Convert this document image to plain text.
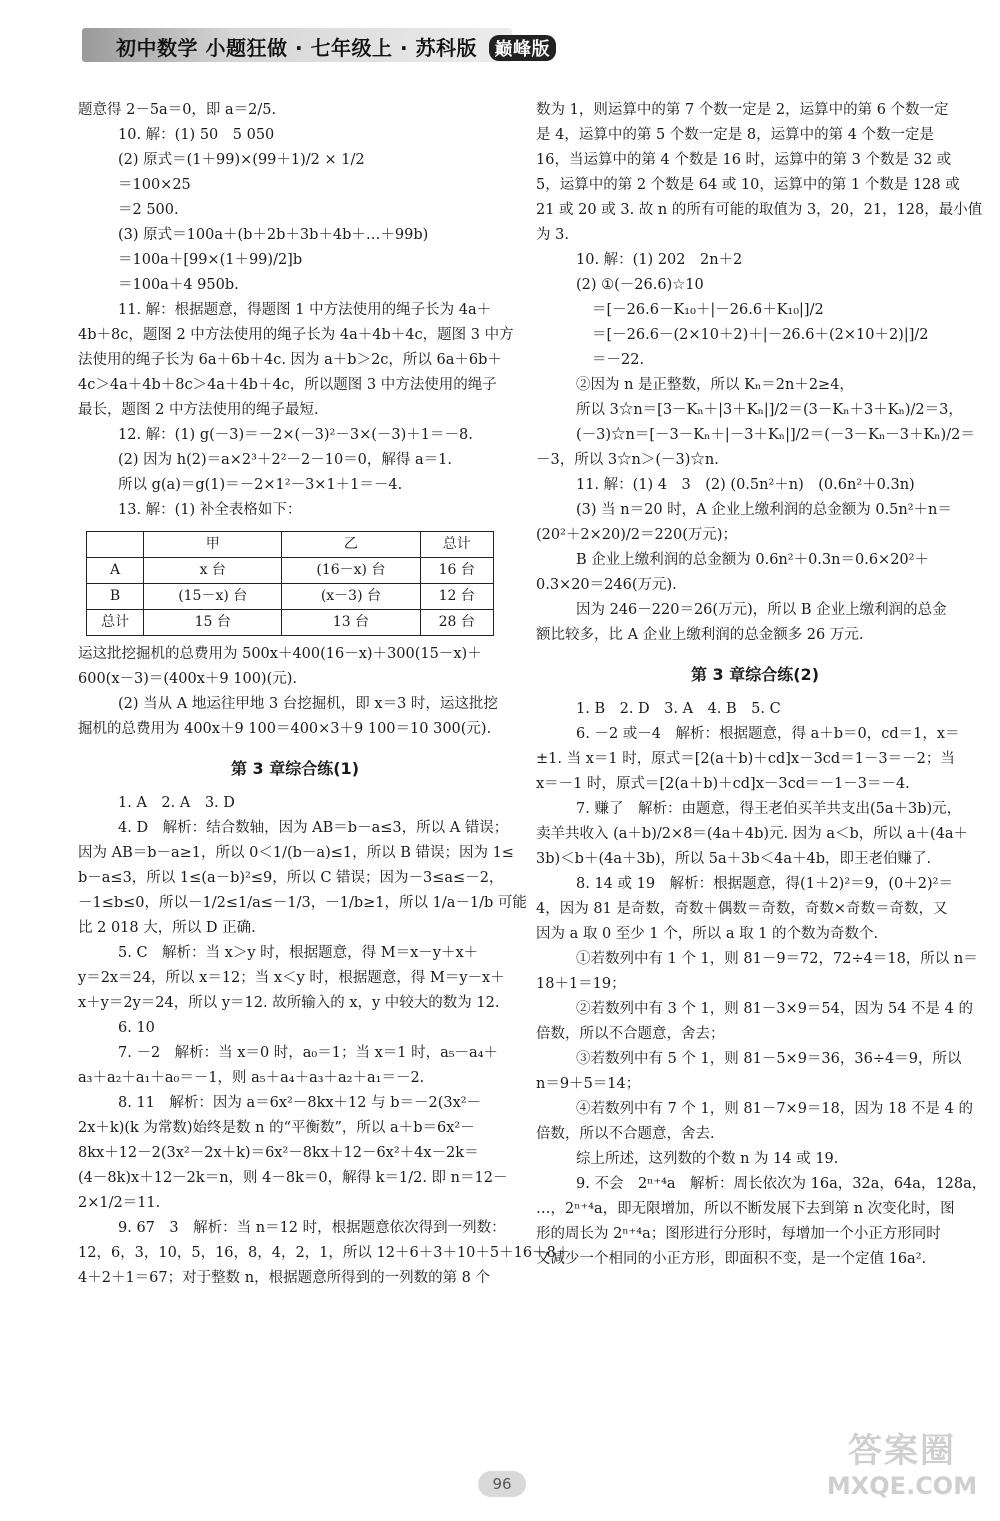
初中数学 小题狂做 · 七年级上 · 苏科版 巅峰版
题意得 2－5a＝0，即 a＝2/5.
10. 解：(1) 50　5 050
(2) 原式＝(1＋99)×(99＋1)/2 × 1/2
＝100×25
＝2 500.
(3) 原式＝100a＋(b＋2b＋3b＋4b＋…＋99b)
＝100a＋[99×(1＋99)/2]b
＝100a＋4 950b.
11. 解：根据题意，得题图 1 中方法使用的绳子长为 4a＋
4b＋8c，题图 2 中方法使用的绳子长为 4a＋4b＋4c，题图 3 中方
法使用的绳子长为 6a＋6b＋4c. 因为 a＋b＞2c，所以 6a＋6b＋
4c＞4a＋4b＋8c＞4a＋4b＋4c，所以题图 3 中方法使用的绳子
最长，题图 2 中方法使用的绳子最短.
12. 解：(1) g(－3)＝－2×(－3)²－3×(－3)＋1＝－8.
(2) 因为 h(2)＝a×2³＋2²－2－10＝0，解得 a＝1.
所以 g(a)＝g(1)＝－2×1²－3×1＋1＝－4.
13. 解：(1) 补全表格如下：
	甲	乙	总计
A	x 台	(16－x) 台	16 台
B	(15－x) 台	(x－3) 台	12 台
总计	15 台	13 台	28 台
运这批挖掘机的总费用为 500x＋400(16－x)＋300(15－x)＋
600(x－3)＝(400x＋9 100)(元).
(2) 当从 A 地运往甲地 3 台挖掘机，即 x＝3 时，运这批挖
掘机的总费用为 400x＋9 100＝400×3＋9 100＝10 300(元).
第 3 章综合练(1)
1. A　2. A　3. D
4. D　解析：结合数轴，因为 AB＝b－a≤3，所以 A 错误；
因为 AB＝b－a≥1，所以 0＜1/(b－a)≤1，所以 B 错误；因为 1≤
b－a≤3，所以 1≤(a－b)²≤9，所以 C 错误；因为－3≤a≤－2，
－1≤b≤0，所以－1/2≤1/a≤－1/3，－1/b≥1，所以 1/a－1/b 可能
比 2 018 大，所以 D 正确.
5. C　解析：当 x＞y 时，根据题意，得 M＝x－y＋x＋
y＝2x＝24，所以 x＝12；当 x＜y 时，根据题意，得 M＝y－x＋
x＋y＝2y＝24，所以 y＝12. 故所输入的 x，y 中较大的数为 12.
6. 10
7. －2　解析：当 x＝0 时，a₀＝1；当 x＝1 时，a₅－a₄＋
a₃＋a₂＋a₁＋a₀＝－1，则 a₅＋a₄＋a₃＋a₂＋a₁＝－2.
8. 11　解析：因为 a＝6x²－8kx＋12 与 b＝－2(3x²－
2x＋k)(k 为常数)始终是数 n 的“平衡数”，所以 a＋b＝6x²－
8kx＋12－2(3x²－2x＋k)＝6x²－8kx＋12－6x²＋4x－2k＝
(4－8k)x＋12－2k＝n，则 4－8k＝0，解得 k＝1/2. 即 n＝12－
2×1/2＝11.
9. 67　3　解析：当 n＝12 时，根据题意依次得到一列数：
12，6，3，10，5，16，8，4，2，1，所以 12＋6＋3＋10＋5＋16＋8＋
4＋2＋1＝67；对于整数 n，根据题意所得到的一列数的第 8 个
数为 1，则运算中的第 7 个数一定是 2，运算中的第 6 个数一定
是 4，运算中的第 5 个数一定是 8，运算中的第 4 个数一定是
16，当运算中的第 4 个数是 16 时，运算中的第 3 个数是 32 或
5，运算中的第 2 个数是 64 或 10，运算中的第 1 个数是 128 或
21 或 20 或 3. 故 n 的所有可能的取值为 3，20，21，128，最小值
为 3.
10. 解：(1) 202　2n＋2
(2) ①(－26.6)☆10
＝[－26.6－K₁₀＋|－26.6＋K₁₀|]/2
＝[－26.6－(2×10＋2)＋|－26.6＋(2×10＋2)|]/2
＝－22.
②因为 n 是正整数，所以 Kₙ＝2n＋2≥4，
所以 3☆n＝[3－Kₙ＋|3＋Kₙ|]/2＝(3－Kₙ＋3＋Kₙ)/2＝3，
(－3)☆n＝[－3－Kₙ＋|－3＋Kₙ|]/2＝(－3－Kₙ－3＋Kₙ)/2＝
－3，所以 3☆n＞(－3)☆n.
11. 解：(1) 4　3　(2) (0.5n²＋n)　(0.6n²＋0.3n)
(3) 当 n＝20 时，A 企业上缴利润的总金额为 0.5n²＋n＝
(20²＋2×20)/2＝220(万元)；
B 企业上缴利润的总金额为 0.6n²＋0.3n＝0.6×20²＋
0.3×20＝246(万元).
因为 246－220＝26(万元)，所以 B 企业上缴利润的总金
额比较多，比 A 企业上缴利润的总金额多 26 万元.
第 3 章综合练(2)
1. B　2. D　3. A　4. B　5. C
6. －2 或－4　解析：根据题意，得 a＋b＝0，cd＝1，x＝
±1. 当 x＝1 时，原式＝[2(a＋b)＋cd]x－3cd＝1－3＝－2；当
x＝－1 时，原式＝[2(a＋b)＋cd]x－3cd＝－1－3＝－4.
7. 赚了　解析：由题意，得王老伯买羊共支出(5a＋3b)元，
卖羊共收入 (a＋b)/2×8＝(4a＋4b)元. 因为 a＜b，所以 a＋(4a＋
3b)＜b＋(4a＋3b)，所以 5a＋3b＜4a＋4b，即王老伯赚了.
8. 14 或 19　解析：根据题意，得(1＋2)²＝9，(0＋2)²＝
4，因为 81 是奇数，奇数＋偶数＝奇数，奇数×奇数＝奇数，又
因为 a 取 0 至少 1 个，所以 a 取 1 的个数为奇数个.
①若数列中有 1 个 1，则 81－9＝72，72÷4＝18，所以 n＝
18＋1＝19；
②若数列中有 3 个 1，则 81－3×9＝54，因为 54 不是 4 的
倍数，所以不合题意，舍去；
③若数列中有 5 个 1，则 81－5×9＝36，36÷4＝9，所以
n＝9＋5＝14；
④若数列中有 7 个 1，则 81－7×9＝18，因为 18 不是 4 的
倍数，所以不合题意，舍去.
综上所述，这列数的个数 n 为 14 或 19.
9. 不会　2ⁿ⁺⁴a　解析：周长依次为 16a，32a，64a，128a，
…，2ⁿ⁺⁴a，即无限增加，所以不断发展下去到第 n 次变化时，图
形的周长为 2ⁿ⁺⁴a；图形进行分形时，每增加一个小正方形同时
又减少一个相同的小正方形，即面积不变，是一个定值 16a².
96
答案圈
MXQE.COM
